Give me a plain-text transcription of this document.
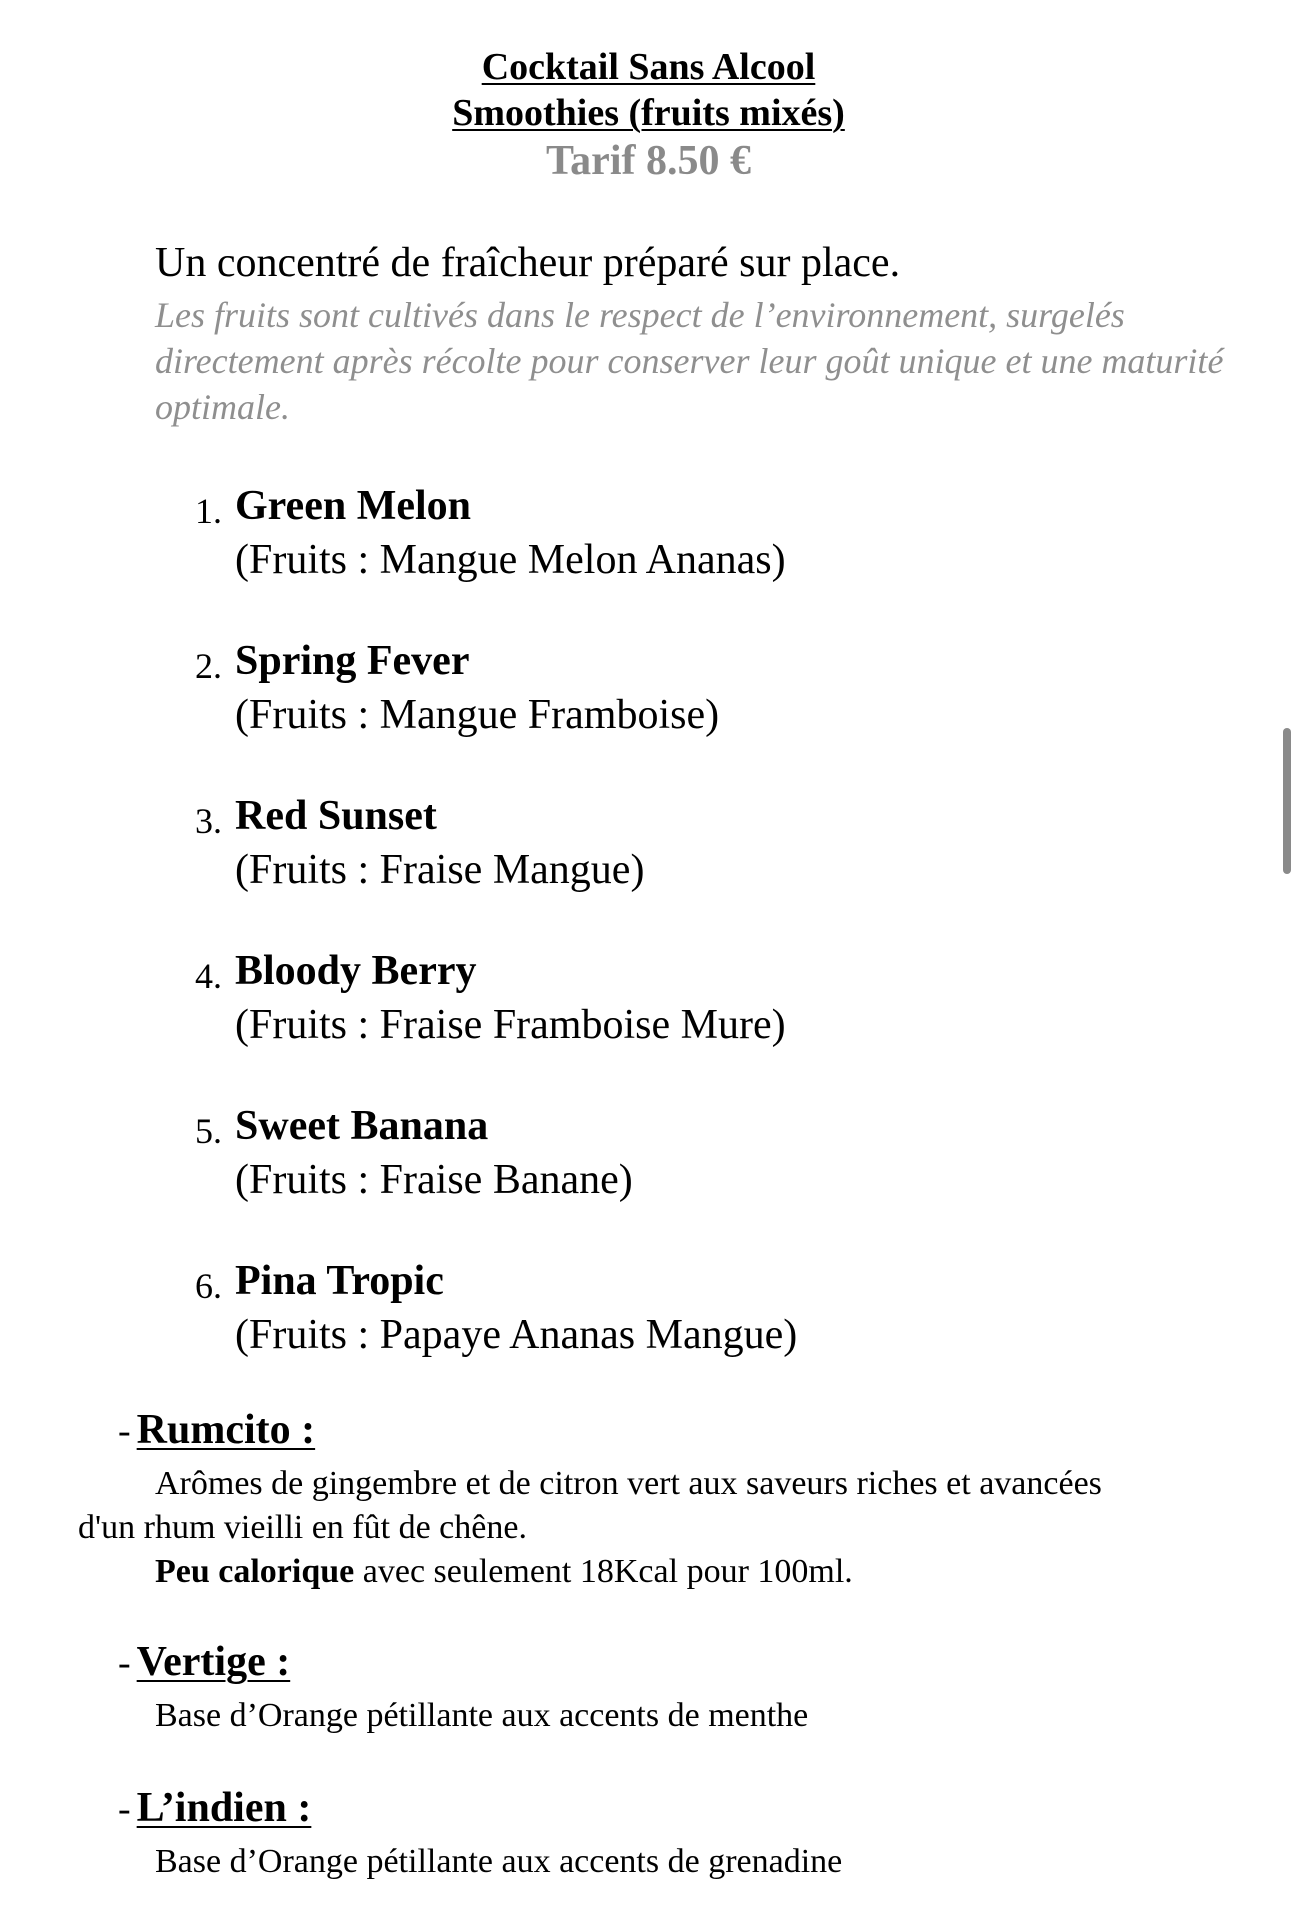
Cocktail Sans Alcool
Smoothies (fruits mixés)
Tarif 8.50 €
Un concentré de fraîcheur préparé sur place.
Les fruits sont cultivés dans le respect de l’environnement, surgelés directement après récolte pour conserver leur goût unique et une maturité optimale.
1. Green Melon
(Fruits : Mangue Melon Ananas)
2. Spring Fever
(Fruits : Mangue Framboise)
3. Red Sunset
(Fruits : Fraise Mangue)
4. Bloody Berry
(Fruits : Fraise Framboise Mure)
5. Sweet Banana
(Fruits : Fraise Banane)
6. Pina Tropic
(Fruits : Papaye Ananas Mangue)
- Rumcito :
Arômes de gingembre et de citron vert aux saveurs riches et avancées
d'un rhum vieilli en fût de chêne.
Peu calorique avec seulement 18Kcal pour 100ml.
- Vertige :
Base d’Orange pétillante aux accents de menthe
- L’indien :
Base d’Orange pétillante aux accents de grenadine
